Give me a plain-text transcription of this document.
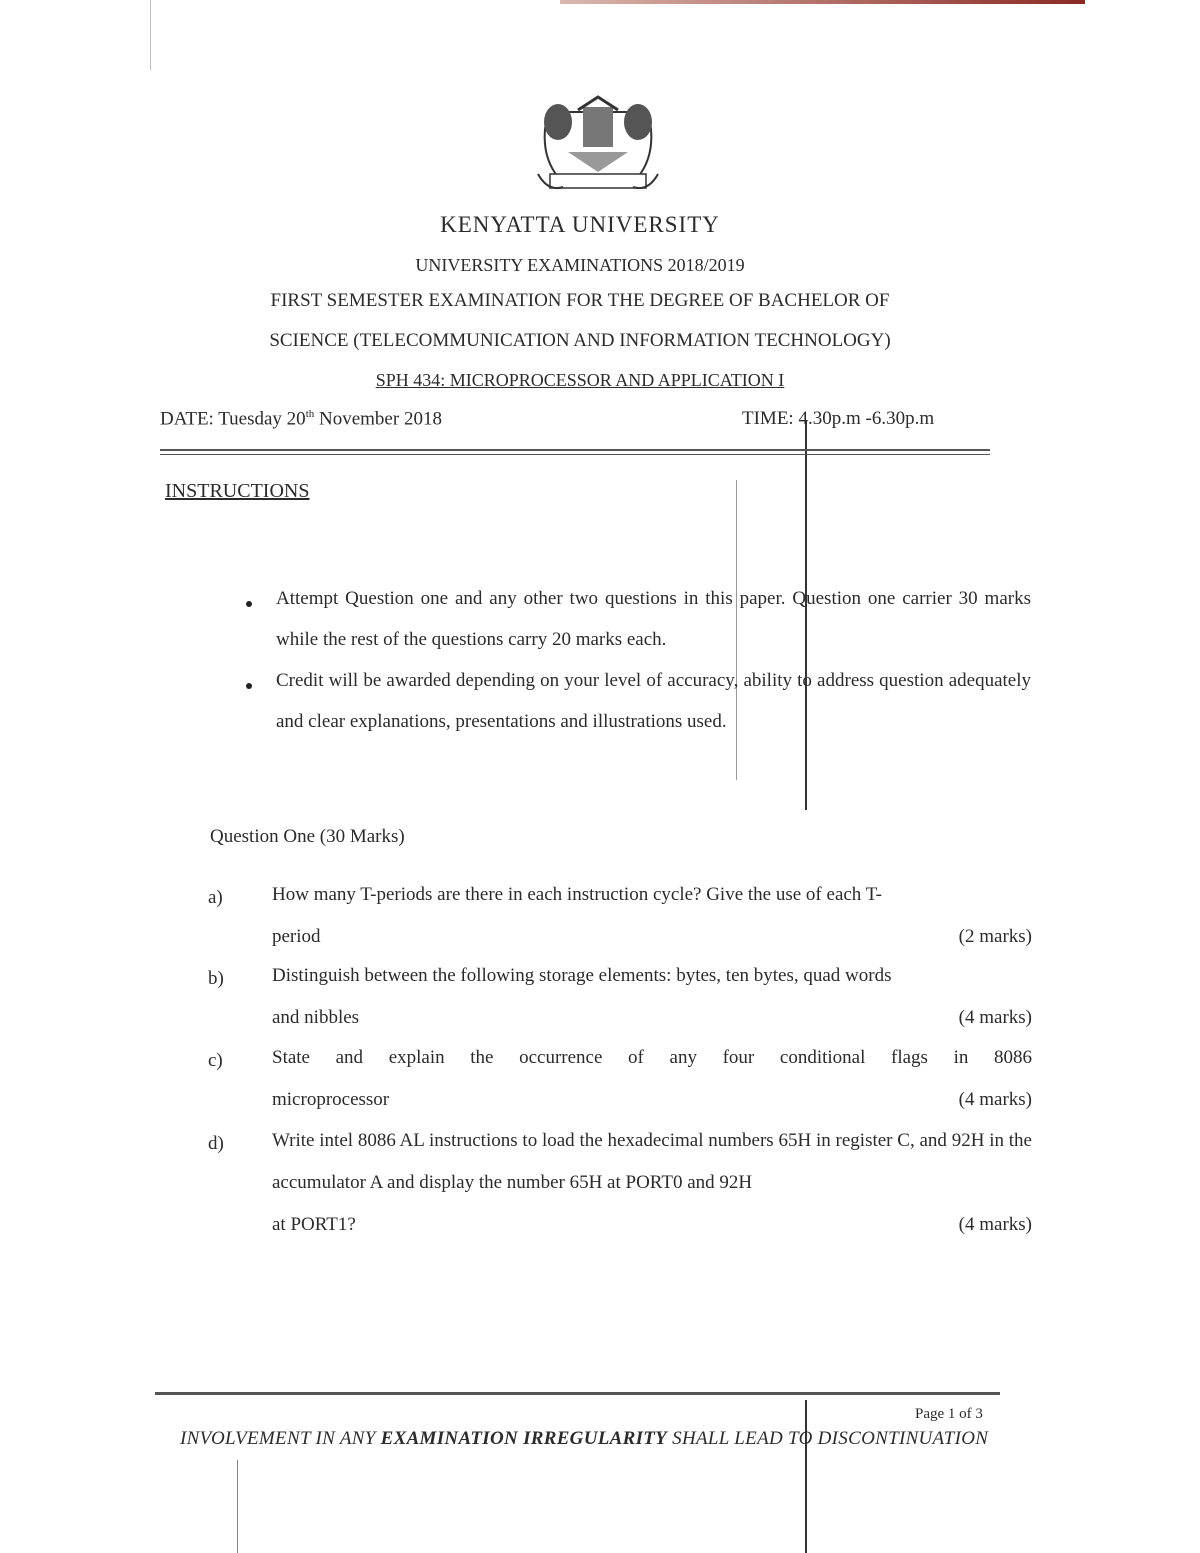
KENYATTA UNIVERSITY
UNIVERSITY EXAMINATIONS 2018/2019
FIRST SEMESTER EXAMINATION FOR THE DEGREE OF BACHELOR OF
SCIENCE (TELECOMMUNICATION AND INFORMATION TECHNOLOGY)
SPH 434: MICROPROCESSOR AND APPLICATION I
DATE: Tuesday 20th November 2018	TIME: 4.30p.m -6.30p.m
INSTRUCTIONS
Attempt Question one and any other two questions in this paper. Question one carrier 30 marks while the rest of the questions carry 20 marks each.
Credit will be awarded depending on your level of accuracy, ability to address question adequately and clear explanations, presentations and illustrations used.
Question One (30 Marks)
a)	How many T-periods are there in each instruction cycle? Give the use of each T-
period	(2 marks)
b)	Distinguish between the following storage elements: bytes, ten bytes, quad words
and nibbles	(4 marks)
c)	State and explain the occurrence of any four conditional flags in 8086
microprocessor	(4 marks)
d)	Write intel 8086 AL instructions to load the hexadecimal numbers 65H in register C, and 92H in the accumulator A and display the number 65H at PORT0 and 92H
at PORT1?	(4 marks)
Page 1 of 3
INVOLVEMENT IN ANY EXAMINATION IRREGULARITY SHALL LEAD TO DISCONTINUATION
